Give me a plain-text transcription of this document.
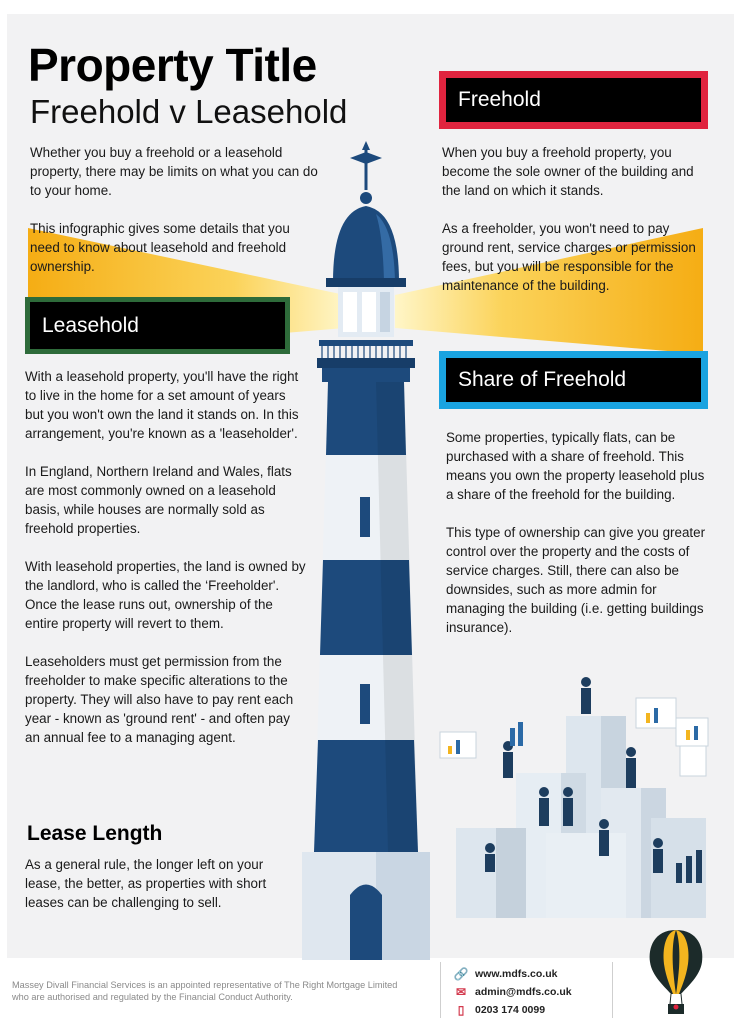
Property Title
Freehold v Leasehold

Whether you buy a freehold or a leasehold property, there may be limits on what you can do to your home.

This infographic gives some details that you need to know about leasehold and freehold ownership.

Leasehold

With a leasehold property, you'll have the right to live in the home for a set amount of years but you won't own the land it stands on. In this arrangement, you're known as a 'leaseholder'.

In England, Northern Ireland and Wales, flats are most commonly owned on a leasehold basis, while houses are normally sold as freehold properties.

With leasehold properties, the land is owned by the landlord, who is called the ‘Freeholder'. Once the lease runs out, ownership of the entire property will revert to them.

Leaseholders must get permission from the freeholder to make specific alterations to the property. They will also have to pay rent each year - known as 'ground rent' - and often pay an annual fee to a managing agent.

Lease Length

As a general rule, the longer left on your lease, the better, as properties with short leases can be challenging to sell.

Freehold

When you buy a freehold property, you become the sole owner of the building and the land on which it stands.

As a freeholder, you won't need to pay ground rent, service charges or permission fees, but you will be responsible for the maintenance of the building.

Share of Freehold

Some properties, typically flats, can be purchased with a share of freehold. This means you own the property leasehold plus a share of the freehold for the building.

This type of ownership can give you greater control over the property and the costs of service charges. Still, there can also be downsides, such as more admin for managing the building (i.e. getting buildings insurance).

Massey Divall Financial Services is an appointed representative of The Right Mortgage Limited who are authorised and regulated by the Financial Conduct Authority.
🔗 www.mdfs.co.uk
✉ admin@mdfs.co.uk
▯ 0203 174 0099
